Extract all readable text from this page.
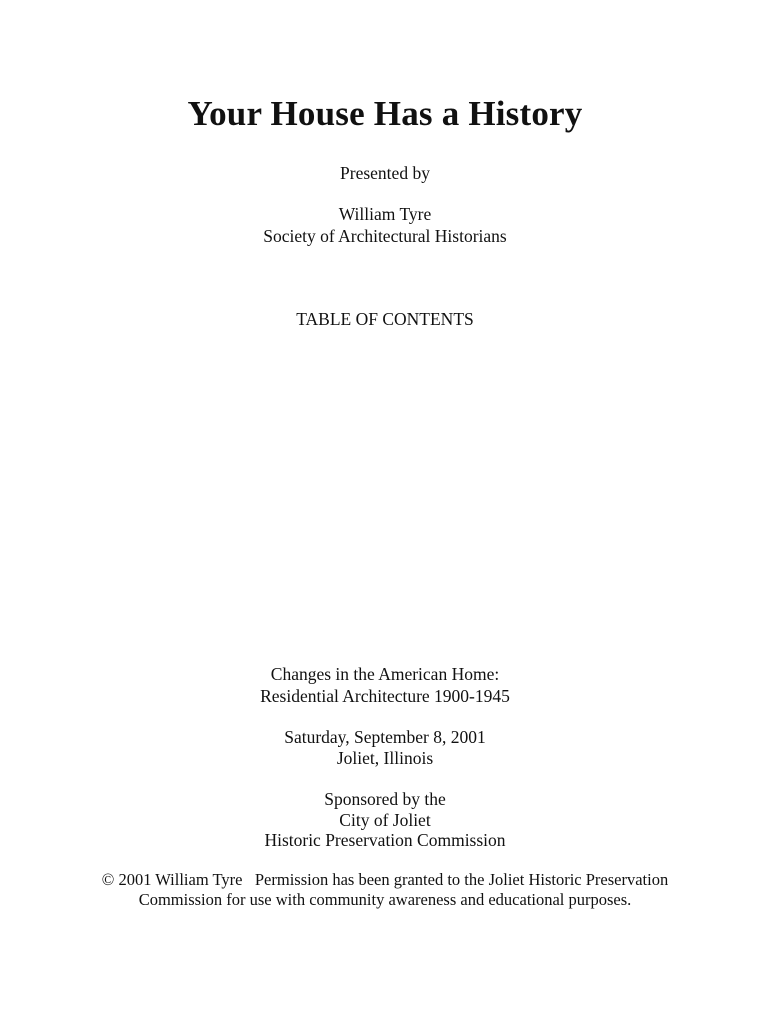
Your House Has a History
Presented by
William Tyre
Society of Architectural Historians
TABLE OF CONTENTS
Changes in the American Home:
Residential Architecture 1900-1945
Saturday, September 8, 2001
Joliet, Illinois
Sponsored by the
City of Joliet
Historic Preservation Commission
© 2001 William Tyre   Permission has been granted to the Joliet Historic Preservation
Commission for use with community awareness and educational purposes.
